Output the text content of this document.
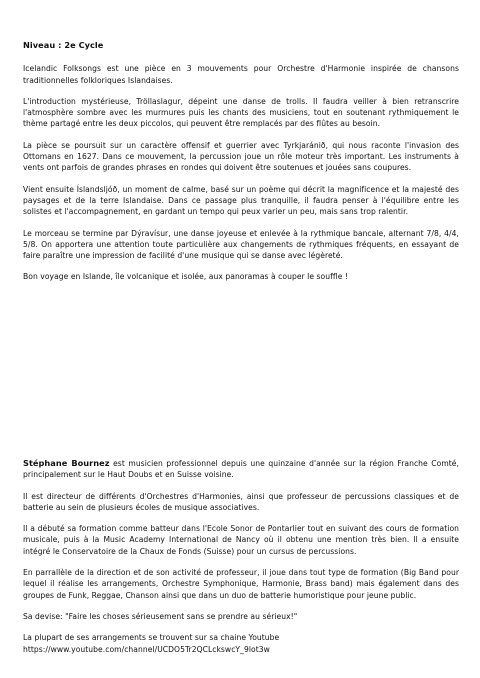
Niveau : 2e Cycle

Icelandic Folksongs est une pièce en 3 mouvements pour Orchestre d'Harmonie inspirée de chansons traditionnelles folkloriques Islandaises.

L'introduction mystérieuse, Tröllaslagur, dépeint une danse de trolls. Il faudra veiller à bien retranscrire l'atmosphère sombre avec les murmures puis les chants des musiciens, tout en soutenant rythmiquement le thème partagé entre les deux piccolos, qui peuvent être remplacés par des flûtes au besoin.

La pièce se poursuit sur un caractère offensif et guerrier avec Tyrkjaránið, qui nous raconte l'invasion des Ottomans en 1627. Dans ce mouvement, la percussion joue un rôle moteur très important. Les instruments à vents ont parfois de grandes phrases en rondes qui doivent être soutenues et jouées sans coupures.

Vient ensuite Íslandsljóð, un moment de calme, basé sur un poème qui décrit la magnificence et la majesté des paysages et de la terre Islandaise. Dans ce passage plus tranquille, il faudra penser à l'équilibre entre les solistes et l'accompagnement, en gardant un tempo qui peux varier un peu, mais sans trop ralentir.

Le morceau se termine par Dýravísur, une danse joyeuse et enlevée à la rythmique bancale, alternant 7/8, 4/4, 5/8. On apportera une attention toute particulière aux changements de rythmiques fréquents, en essayant de faire paraître une impression de facilité d'une musique qui se danse avec légèreté.

Bon voyage en Islande, île volcanique et isolée, aux panoramas à couper le souffle !

Stéphane Bournez est musicien professionnel depuis une quinzaine d'année sur la région Franche Comté, principalement sur le Haut Doubs et en Suisse voisine.

Il est directeur de différents d'Orchestres d'Harmonies, ainsi que professeur de percussions classiques et de batterie au sein de plusieurs écoles de musique associatives.

Il a débuté sa formation comme batteur dans l'Ecole Sonor de Pontarlier tout en suivant des cours de formation musicale, puis à la Music Academy International de Nancy où il obtenu une mention très bien. Il a ensuite intégré le Conservatoire de la Chaux de Fonds (Suisse) pour un cursus de percussions.

En parrallèle de la direction et de son activité de professeur, il joue dans tout type de formation (Big Band pour lequel il réalise les arrangements, Orchestre Symphonique, Harmonie, Brass band) mais également dans des groupes de Funk, Reggae, Chanson ainsi que dans un duo de batterie humoristique pour jeune public.

Sa devise: "Faire les choses sérieusement sans se prendre au sérieux!"

La plupart de ses arrangements se trouvent sur sa chaine Youtube https://www.youtube.com/channel/UCDO5Tr2QCLckswcY_9lot3w
